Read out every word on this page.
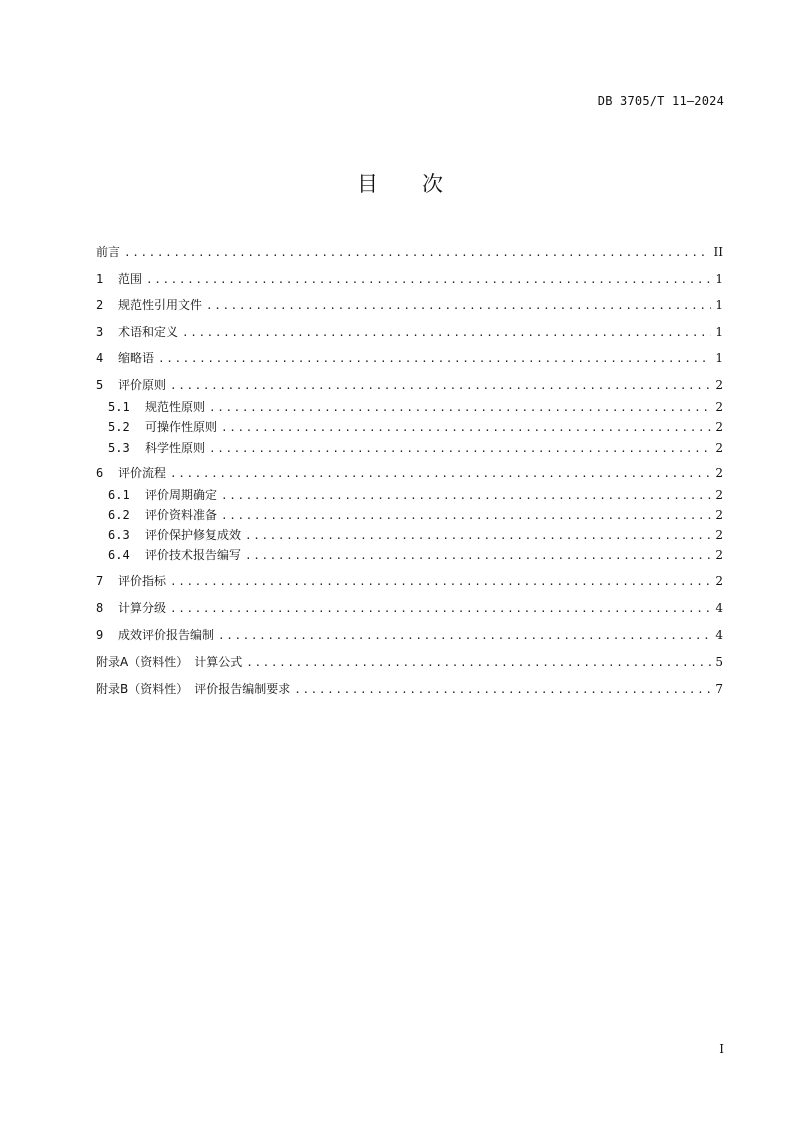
DB 3705/T 11—2024
目 次
前言 .....	II
1	范围 .....	1
2	规范性引用文件 .....	1
3	术语和定义 .....	1
4	缩略语 .....	1
5	评价原则 .....	2
5.1	规范性原则 .....	2
5.2	可操作性原则 .....	2
5.3	科学性原则 .....	2
6	评价流程 .....	2
6.1	评价周期确定 .....	2
6.2	评价资料准备 .....	2
6.3	评价保护修复成效 .....	2
6.4	评价技术报告编写 .....	2
7	评价指标 .....	2
8	计算分级 .....	4
9	成效评价报告编制 .....	4
附录A（资料性）　计算公式 .....	5
附录B（资料性）　评价报告编制要求 .....	7
I
